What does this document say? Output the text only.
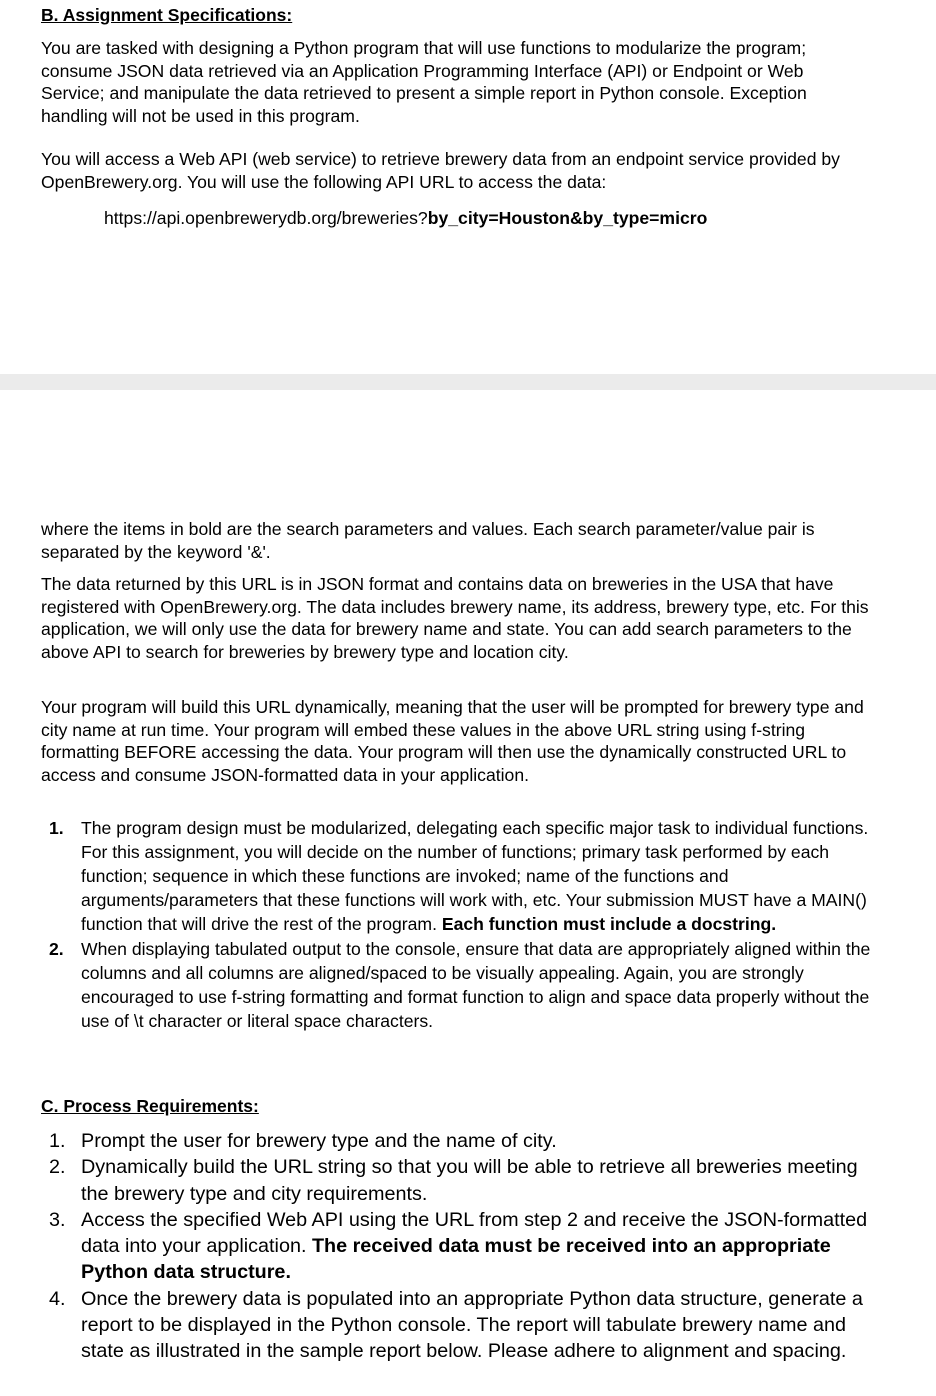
B. Assignment Specifications:

You are tasked with designing a Python program that will use functions to modularize the program; consume JSON data retrieved via an Application Programming Interface (API) or Endpoint or Web Service; and manipulate the data retrieved to present a simple report in Python console. Exception handling will not be used in this program.

You will access a Web API (web service) to retrieve brewery data from an endpoint service provided by OpenBrewery.org. You will use the following API URL to access the data:

https://api.openbrewerydb.org/breweries?by_city=Houston&by_type=micro

where the items in bold are the search parameters and values. Each search parameter/value pair is separated by the keyword '&'.

The data returned by this URL is in JSON format and contains data on breweries in the USA that have registered with OpenBrewery.org. The data includes brewery name, its address, brewery type, etc. For this application, we will only use the data for brewery name and state. You can add search parameters to the above API to search for breweries by brewery type and location city.

Your program will build this URL dynamically, meaning that the user will be prompted for brewery type and city name at run time. Your program will embed these values in the above URL string using f-string formatting BEFORE accessing the data. Your program will then use the dynamically constructed URL to access and consume JSON-formatted data in your application.

1. The program design must be modularized, delegating each specific major task to individual functions. For this assignment, you will decide on the number of functions; primary task performed by each function; sequence in which these functions are invoked; name of the functions and arguments/parameters that these functions will work with, etc. Your submission MUST have a MAIN() function that will drive the rest of the program. Each function must include a docstring.
2. When displaying tabulated output to the console, ensure that data are appropriately aligned within the columns and all columns are aligned/spaced to be visually appealing. Again, you are strongly encouraged to use f-string formatting and format function to align and space data properly without the use of \t character or literal space characters.
C. Process Requirements:
1. Prompt the user for brewery type and the name of city.
2. Dynamically build the URL string so that you will be able to retrieve all breweries meeting the brewery type and city requirements.
3. Access the specified Web API using the URL from step 2 and receive the JSON-formatted data into your application. The received data must be received into an appropriate Python data structure.
4. Once the brewery data is populated into an appropriate Python data structure, generate a report to be displayed in the Python console. The report will tabulate brewery name and state as illustrated in the sample report below. Please adhere to alignment and spacing.
